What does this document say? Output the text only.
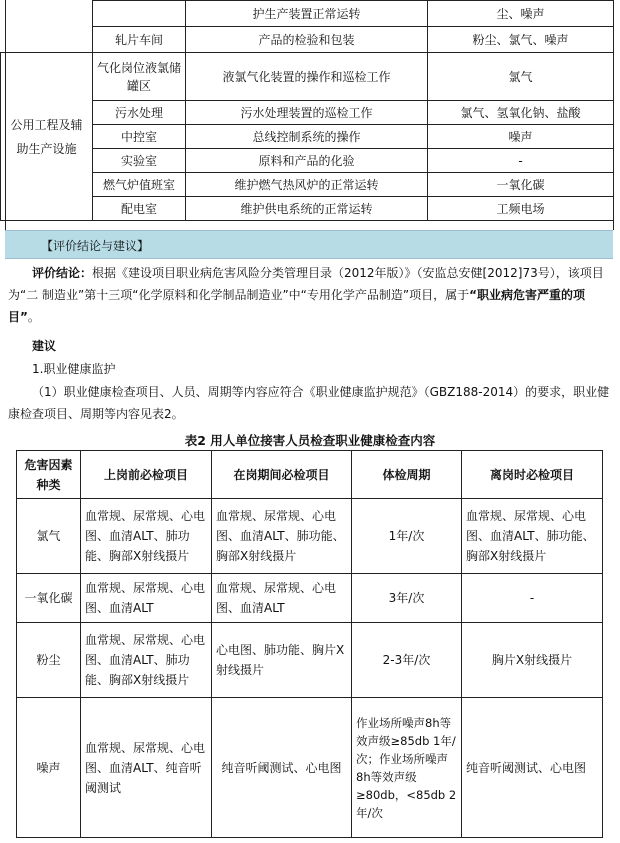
		护生产装置正常运转	尘、噪声	
	轧片车间	产品的检验和包装	粉尘、氯气、噪声	
公用工程及辅助生产设施	气化岗位液氯储罐区	液氯气化装置的操作和巡检工作	氯气	
	污水处理	污水处理装置的巡检工作	氯气、氢氧化钠、盐酸	
	中控室	总线控制系统的操作	噪声	
	实验室	原料和产品的化验	-	
	燃气炉值班室	维护燃气热风炉的正常运转	一氧化碳	
	配电室	维护供电系统的正常运转	工频电场	
【评价结论与建议】
评价结论：根据《建设项目职业病危害风险分类管理目录（2012年版）》（安监总安健[2012]73号），该项目为“二 制造业”第十三项“化学原料和化学制品制造业”中“专用化学产品制造”项目，属于“职业病危害严重的项目”。
建议
1.职业健康监护
（1）职业健康检查项目、人员、周期等内容应符合《职业健康监护规范》（GBZ188-2014）的要求，职业健康检查项目、周期等内容见表2。
表2 用人单位接害人员检查职业健康检查内容
危害因素种类	上岗前必检项目	在岗期间必检项目	体检周期	离岗时必检项目
氯气	血常规、尿常规、心电图、血清ALT、肺功能、胸部X射线摄片	血常规、尿常规、心电图、血清ALT、肺功能、胸部X射线摄片	1年/次	血常规、尿常规、心电图、血清ALT、肺功能、胸部X射线摄片
一氧化碳	血常规、尿常规、心电图、血清ALT	血常规、尿常规、心电图、血清ALT	3年/次	-
粉尘	血常规、尿常规、心电图、血清ALT、肺功能、胸部X射线摄片	心电图、肺功能、胸片X射线摄片	2-3年/次	胸片X射线摄片
噪声	血常规、尿常规、心电图、血清ALT、纯音听阈测试	纯音听阈测试、心电图	作业场所噪声8h等效声级≥85db 1年/次；作业场所噪声8h等效声级≥80db，<85db 2年/次	纯音听阈测试、心电图
